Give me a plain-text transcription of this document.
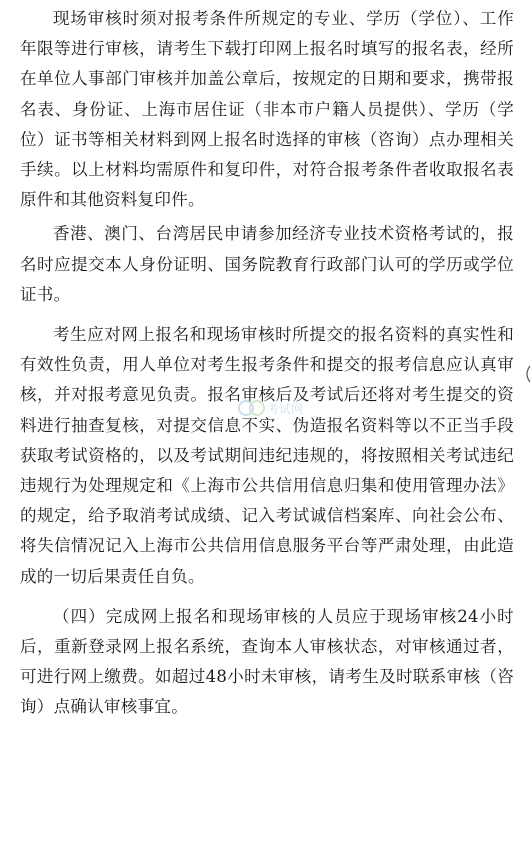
现场审核时须对报考条件所规定的专业、学历（学位）、工作年限等进行审核，请考生下载打印网上报名时填写的报名表，经所在单位人事部门审核并加盖公章后，按规定的日期和要求，携带报名表、身份证、上海市居住证（非本市户籍人员提供）、学历（学位）证书等相关材料到网上报名时选择的审核（咨询）点办理相关手续。以上材料均需原件和复印件，对符合报考条件者收取报名表原件和其他资料复印件。

香港、澳门、台湾居民申请参加经济专业技术资格考试的，报名时应提交本人身份证明、国务院教育行政部门认可的学历或学位证书。

考生应对网上报名和现场审核时所提交的报名资料的真实性和有效性负责，用人单位对考生报考条件和提交的报考信息应认真审核，并对报考意见负责。报名审核后及考试后还将对考生提交的资料进行抽查复核，对提交信息不实、伪造报名资料等以不正当手段获取考试资格的，以及考试期间违纪违规的，将按照相关考试违纪违规行为处理规定和《上海市公共信用信息归集和使用管理办法》的规定，给予取消考试成绩、记入考试诚信档案库、向社会公布、将失信情况记入上海市公共信用信息服务平台等严肃处理，由此造成的一切后果责任自负。

（四）完成网上报名和现场审核的人员应于现场审核24小时后，重新登录网上报名系统，查询本人审核状态，对审核通过者，可进行网上缴费。如超过48小时未审核，请考生及时联系审核（咨询）点确认审核事宜。

考试网
